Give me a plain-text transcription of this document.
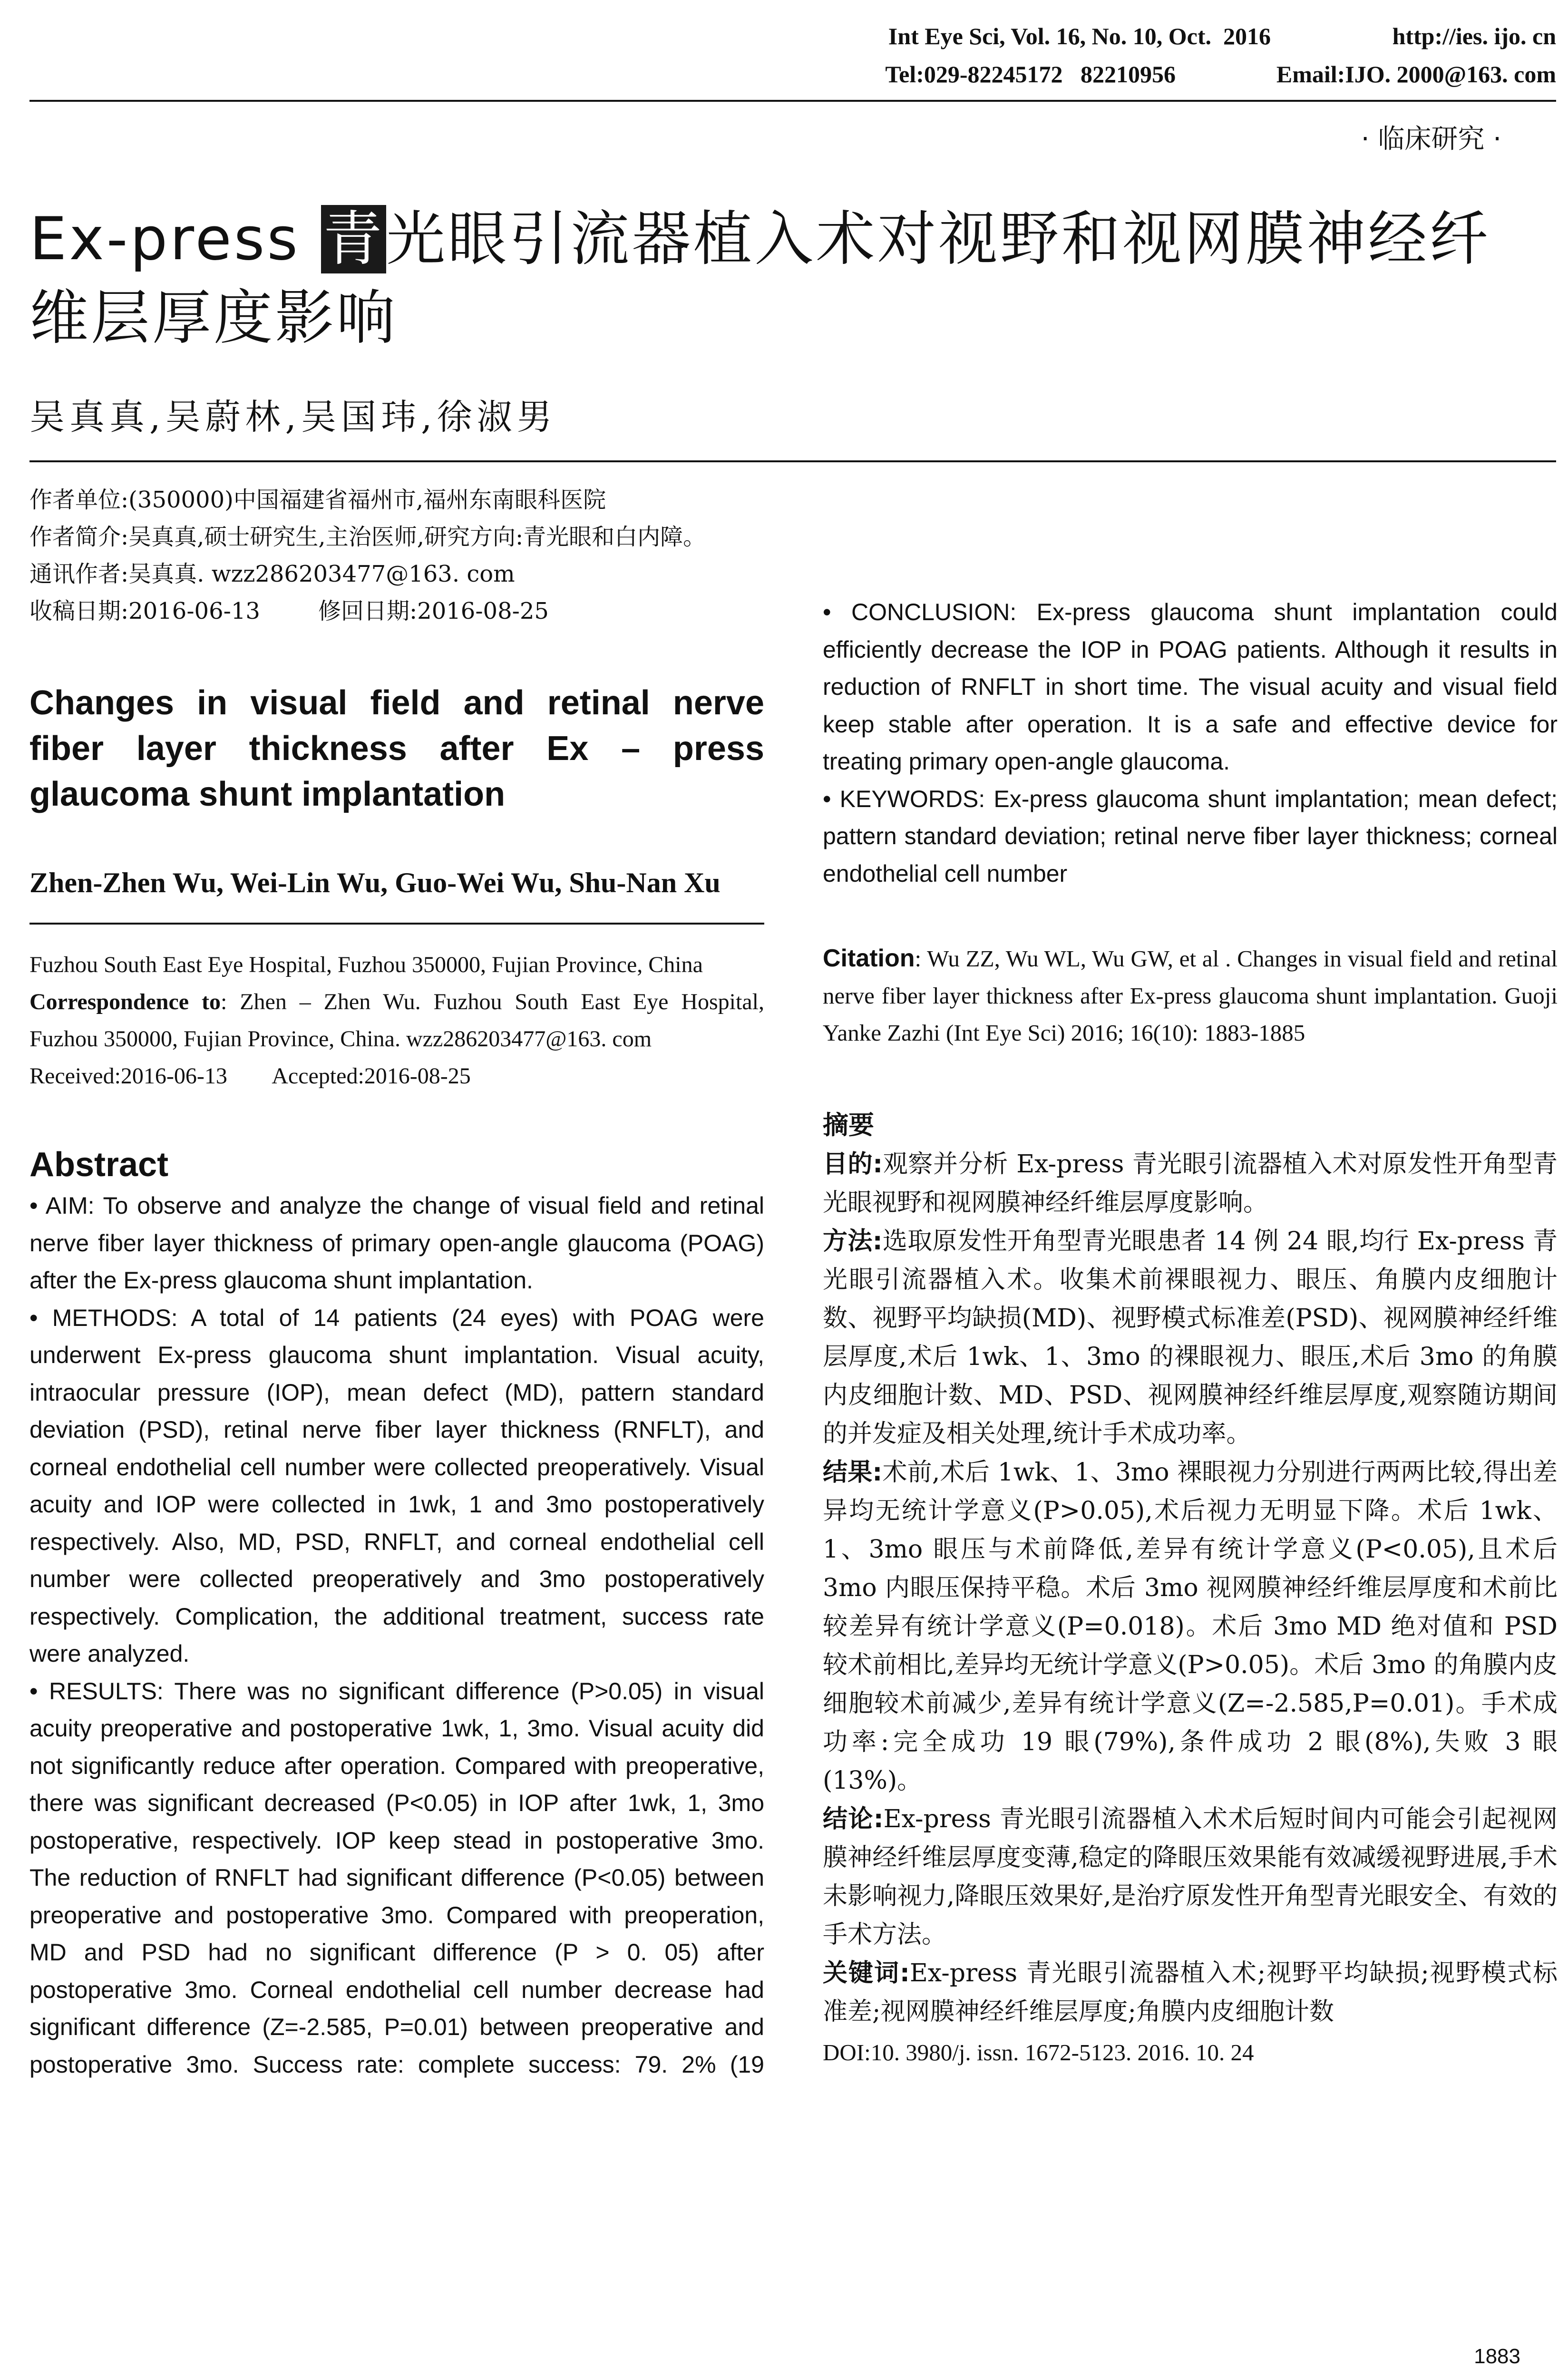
Int Eye Sci, Vol. 16, No. 10, Oct.  2016	http://ies. ijo. cn
Tel:029-82245172   82210956	Email:IJO. 2000@163. com
· 临床研究 ·
Ex-press 青光眼引流器植入术对视野和视网膜神经纤维层厚度影响
吴真真,吴蔚林,吴国玮,徐淑男
作者单位:(350000)中国福建省福州市,福州东南眼科医院
作者简介:吴真真,硕士研究生,主治医师,研究方向:青光眼和白内障。
通讯作者:吴真真. wzz286203477@163. com
收稿日期:2016-06-13        修回日期:2016-08-25
Changes in visual field and retinal nerve
fiber layer thickness after Ex – press
glaucoma shunt implantation
Zhen-Zhen Wu, Wei-Lin Wu, Guo-Wei Wu, Shu-Nan Xu
Fuzhou South East Eye Hospital, Fuzhou 350000, Fujian Province, China
Correspondence to: Zhen – Zhen Wu. Fuzhou South East Eye Hospital, Fuzhou 350000, Fujian Province, China. wzz286203477@163. com
Received:2016-06-13        Accepted:2016-08-25
Abstract

• AIM: To observe and analyze the change of visual field and retinal nerve fiber layer thickness of primary open-angle glaucoma (POAG) after the Ex-press glaucoma shunt implantation.

• METHODS: A total of 14 patients (24 eyes) with POAG were underwent Ex-press glaucoma shunt implantation. Visual acuity, intraocular pressure (IOP), mean defect (MD), pattern standard deviation (PSD), retinal nerve fiber layer thickness (RNFLT), and corneal endothelial cell number were collected preoperatively. Visual acuity and IOP were collected in 1wk, 1 and 3mo postoperatively respectively. Also, MD, PSD, RNFLT, and corneal endothelial cell number were collected preoperatively and 3mo postoperatively respectively. Complication, the additional treatment, success rate were analyzed.

• RESULTS: There was no significant difference (P>0.05) in visual acuity preoperative and postoperative 1wk, 1, 3mo. Visual acuity did not significantly reduce after operation. Compared with preoperative, there was significant decreased (P<0.05) in IOP after 1wk, 1, 3mo postoperative, respectively. IOP keep stead in postoperative 3mo. The reduction of RNFLT had significant difference (P<0.05) between preoperative and postoperative 3mo. Compared with preoperation, MD and PSD had no significant difference (P > 0. 05) after postoperative 3mo. Corneal endothelial cell number decrease had significant difference (Z=-2.585, P=0.01) between preoperative and postoperative 3mo. Success rate: complete success: 79. 2% (19

• CONCLUSION: Ex-press glaucoma shunt implantation could efficiently decrease the IOP in POAG patients. Although it results in reduction of RNFLT in short time. The visual acuity and visual field keep stable after operation. It is a safe and effective device for treating primary open-angle glaucoma.

• KEYWORDS: Ex-press glaucoma shunt implantation; mean defect; pattern standard deviation; retinal nerve fiber layer thickness; corneal endothelial cell number

Citation: Wu ZZ, Wu WL, Wu GW, et al . Changes in visual field and retinal nerve fiber layer thickness after Ex-press glaucoma shunt implantation. Guoji Yanke Zazhi (Int Eye Sci) 2016; 16(10): 1883-1885
摘要

目的:观察并分析 Ex-press 青光眼引流器植入术对原发性开角型青光眼视野和视网膜神经纤维层厚度影响。

方法:选取原发性开角型青光眼患者 14 例 24 眼,均行 Ex-press 青光眼引流器植入术。收集术前裸眼视力、眼压、角膜内皮细胞计数、视野平均缺损(MD)、视野模式标准差(PSD)、视网膜神经纤维层厚度,术后 1wk、1、3mo 的裸眼视力、眼压,术后 3mo 的角膜内皮细胞计数、MD、PSD、视网膜神经纤维层厚度,观察随访期间的并发症及相关处理,统计手术成功率。

结果:术前,术后 1wk、1、3mo 裸眼视力分别进行两两比较,得出差异均无统计学意义(P>0.05),术后视力无明显下降。术后 1wk、1、3mo 眼压与术前降低,差异有统计学意义(P<0.05),且术后 3mo 内眼压保持平稳。术后 3mo 视网膜神经纤维层厚度和术前比较差异有统计学意义(P=0.018)。术后 3mo MD 绝对值和 PSD 较术前相比,差异均无统计学意义(P>0.05)。术后 3mo 的角膜内皮细胞较术前减少,差异有统计学意义(Z=-2.585,P=0.01)。手术成功率:完全成功 19 眼(79%),条件成功 2 眼(8%),失败 3 眼(13%)。

结论:Ex-press 青光眼引流器植入术术后短时间内可能会引起视网膜神经纤维层厚度变薄,稳定的降眼压效果能有效减缓视野进展,手术未影响视力,降眼压效果好,是治疗原发性开角型青光眼安全、有效的手术方法。

关键词:Ex-press 青光眼引流器植入术;视野平均缺损;视野模式标准差;视网膜神经纤维层厚度;角膜内皮细胞计数

DOI:10. 3980/j. issn. 1672-5123. 2016. 10. 24
1883
